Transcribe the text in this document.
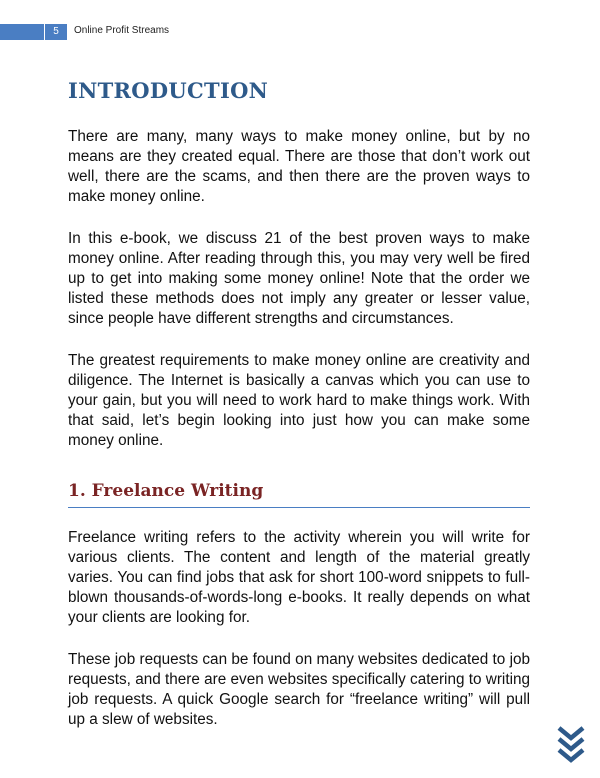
5	Online Profit Streams
INTRODUCTION

There are many, many ways to make money online, but by no means are they created equal. There are those that don’t work out well, there are the scams, and then there are the proven ways to make money online.

In this e-book, we discuss 21 of the best proven ways to make money online. After reading through this, you may very well be fired up to get into making some money online! Note that the order we listed these methods does not imply any greater or lesser value, since people have different strengths and circumstances.

The greatest requirements to make money online are creativity and diligence. The Internet is basically a canvas which you can use to your gain, but you will need to work hard to make things work. With that said, let’s begin looking into just how you can make some money online.

1. Freelance Writing

Freelance writing refers to the activity wherein you will write for various clients. The content and length of the material greatly varies. You can find jobs that ask for short 100-word snippets to full-blown thousands-of-words-long e-books. It really depends on what your clients are looking for.

These job requests can be found on many websites dedicated to job requests, and there are even websites specifically catering to writing job requests. A quick Google search for “freelance writing” will pull up a slew of websites.
